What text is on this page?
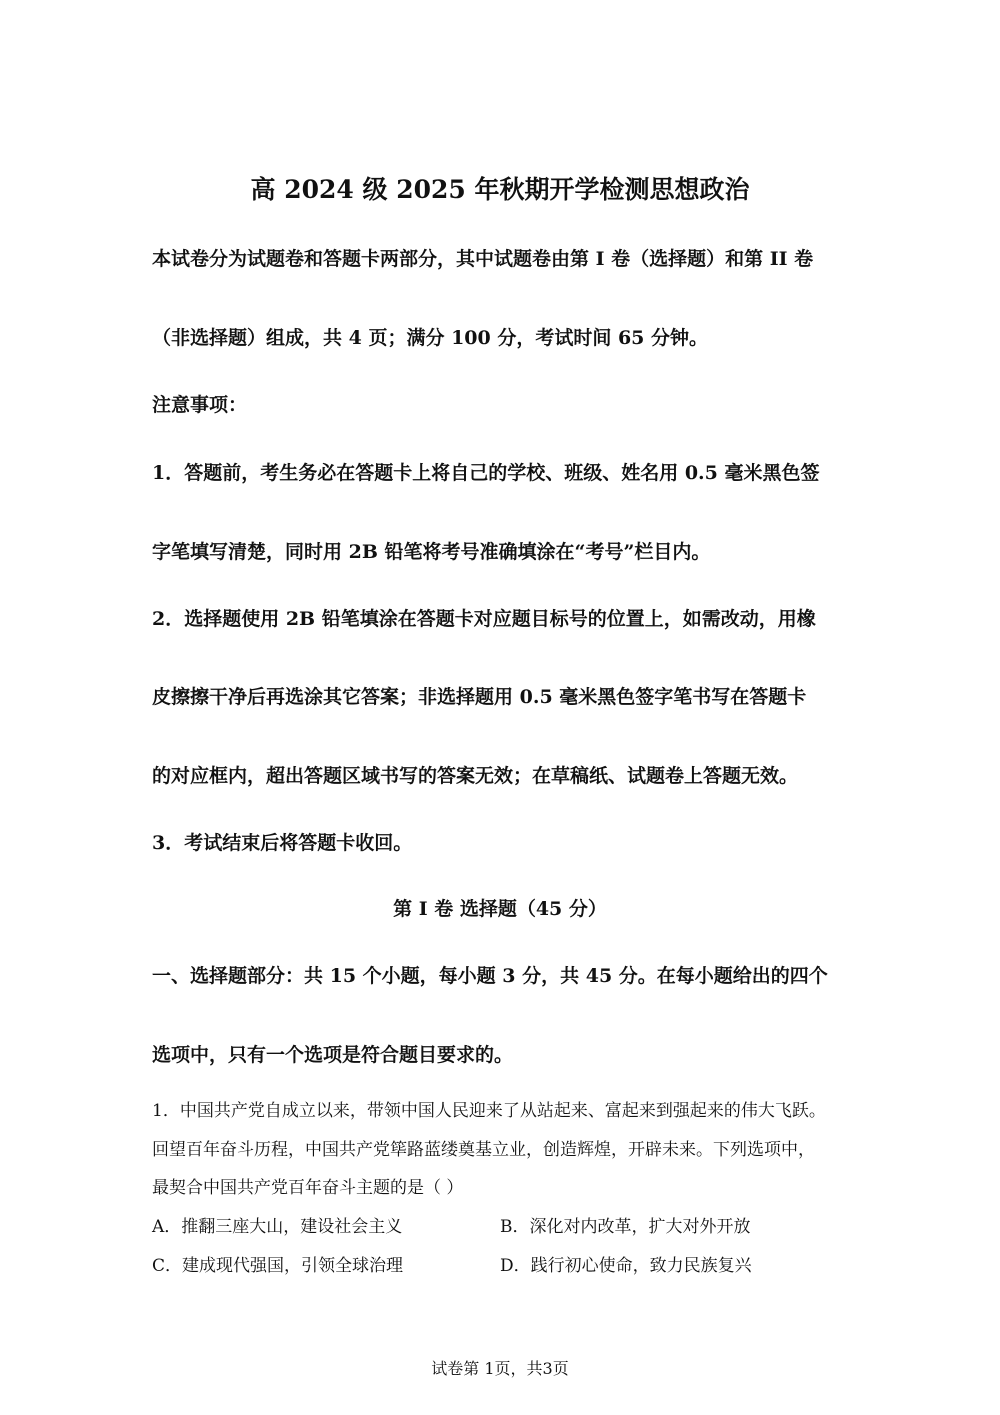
高 2024 级 2025 年秋期开学检测思想政治
本试卷分为试题卷和答题卡两部分，其中试题卷由第 I 卷（选择题）和第 II 卷
（非选择题）组成，共 4 页；满分 100 分，考试时间 65 分钟。
注意事项：
1．答题前，考生务必在答题卡上将自己的学校、班级、姓名用 0.5 毫米黑色签
字笔填写清楚，同时用 2B 铅笔将考号准确填涂在“考号”栏目内。
2．选择题使用 2B 铅笔填涂在答题卡对应题目标号的位置上，如需改动，用橡
皮擦擦干净后再选涂其它答案；非选择题用 0.5 毫米黑色签字笔书写在答题卡
的对应框内，超出答题区域书写的答案无效；在草稿纸、试题卷上答题无效。
3．考试结束后将答题卡收回。
第 I 卷 选择题（45 分）
一、选择题部分：共 15 个小题，每小题 3 分，共 45 分。在每小题给出的四个
选项中，只有一个选项是符合题目要求的。
1．中国共产党自成立以来，带领中国人民迎来了从站起来、富起来到强起来的伟大飞跃。
回望百年奋斗历程，中国共产党筚路蓝缕奠基立业，创造辉煌，开辟未来。下列选项中，
最契合中国共产党百年奋斗主题的是（ ）
A．推翻三座大山，建设社会主义	B．深化对内改革，扩大对外开放
C．建成现代强国，引领全球治理	D．践行初心使命，致力民族复兴
试卷第 1页，共3页
